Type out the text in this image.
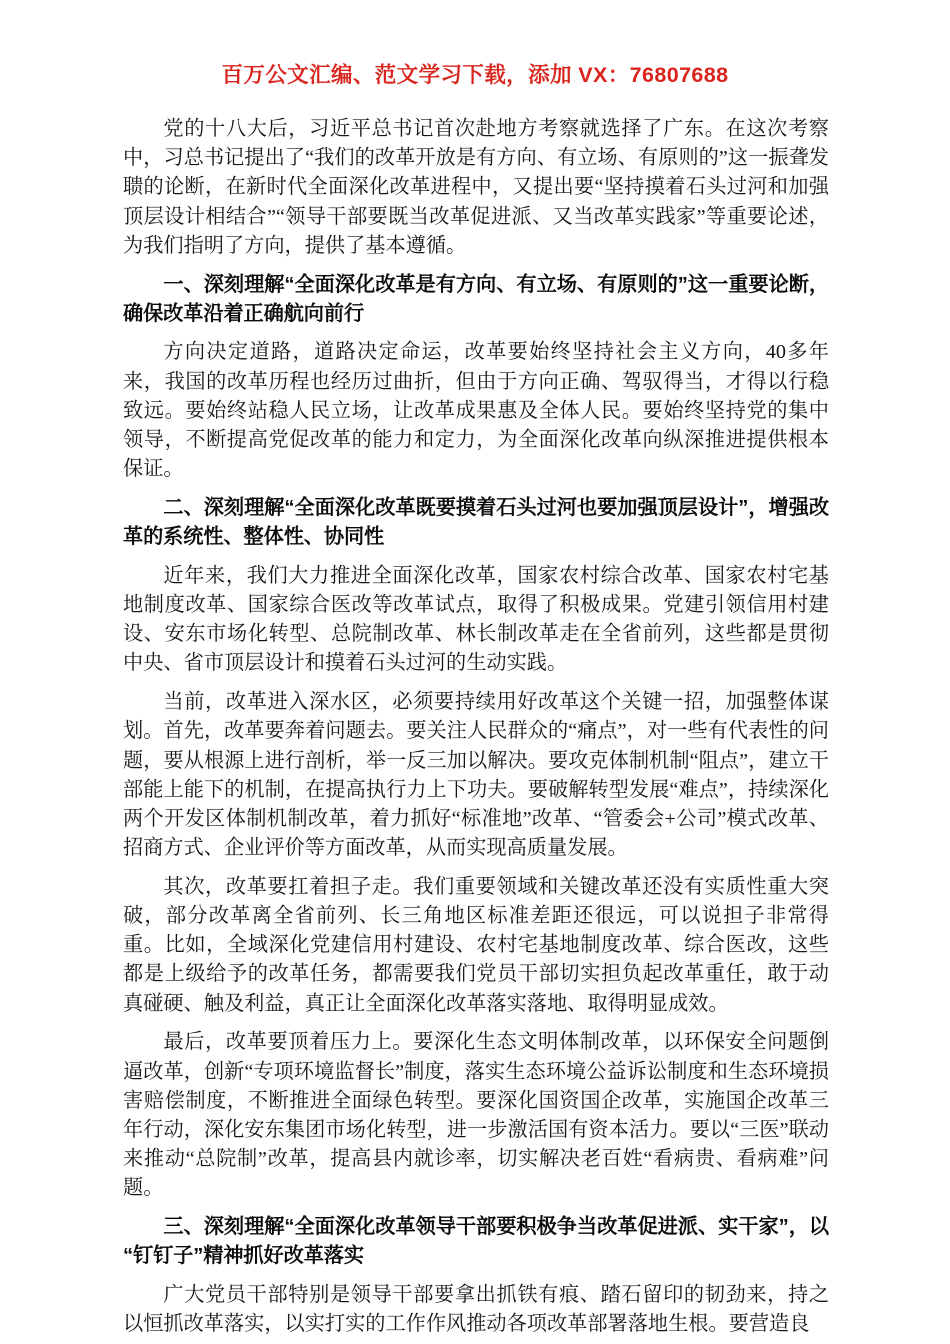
百万公文汇编、范文学习下载，添加 VX：76807688

党的十八大后，习近平总书记首次赴地方考察就选择了广东。在这次考察中，习总书记提出了“我们的改革开放是有方向、有立场、有原则的”这一振聋发聩的论断，在新时代全面深化改革进程中，又提出要“坚持摸着石头过河和加强顶层设计相结合”“领导干部要既当改革促进派、又当改革实践家”等重要论述，为我们指明了方向，提供了基本遵循。

一、深刻理解“全面深化改革是有方向、有立场、有原则的”这一重要论断，确保改革沿着正确航向前行

方向决定道路，道路决定命运，改革要始终坚持社会主义方向，40多年来，我国的改革历程也经历过曲折，但由于方向正确、驾驭得当，才得以行稳致远。要始终站稳人民立场，让改革成果惠及全体人民。要始终坚持党的集中领导，不断提高党促改革的能力和定力，为全面深化改革向纵深推进提供根本保证。

二、深刻理解“全面深化改革既要摸着石头过河也要加强顶层设计”，增强改革的系统性、整体性、协同性

近年来，我们大力推进全面深化改革，国家农村综合改革、国家农村宅基地制度改革、国家综合医改等改革试点，取得了积极成果。党建引领信用村建设、安东市场化转型、总院制改革、林长制改革走在全省前列，这些都是贯彻中央、省市顶层设计和摸着石头过河的生动实践。

当前，改革进入深水区，必须要持续用好改革这个关键一招，加强整体谋划。首先，改革要奔着问题去。要关注人民群众的“痛点”，对一些有代表性的问题，要从根源上进行剖析，举一反三加以解决。要攻克体制机制“阻点”，建立干部能上能下的机制，在提高执行力上下功夫。要破解转型发展“难点”，持续深化两个开发区体制机制改革，着力抓好“标准地”改革、“管委会+公司”模式改革、招商方式、企业评价等方面改革，从而实现高质量发展。

其次，改革要扛着担子走。我们重要领域和关键改革还没有实质性重大突破，部分改革离全省前列、长三角地区标准差距还很远，可以说担子非常得重。比如，全域深化党建信用村建设、农村宅基地制度改革、综合医改，这些都是上级给予的改革任务，都需要我们党员干部切实担负起改革重任，敢于动真碰硬、触及利益，真正让全面深化改革落实落地、取得明显成效。

最后，改革要顶着压力上。要深化生态文明体制改革，以环保安全问题倒逼改革，创新“专项环境监督长”制度，落实生态环境公益诉讼制度和生态环境损害赔偿制度，不断推进全面绿色转型。要深化国资国企改革，实施国企改革三年行动，深化安东集团市场化转型，进一步激活国有资本活力。要以“三医”联动来推动“总院制”改革，提高县内就诊率，切实解决老百姓“看病贵、看病难”问题。

三、深刻理解“全面深化改革领导干部要积极争当改革促进派、实干家”，以“钉钉子”精神抓好改革落实

广大党员干部特别是领导干部要拿出抓铁有痕、踏石留印的韧劲来，持之以恒抓改革落实，以实打实的工作作风推动各项改革部署落地生根。要营造良
